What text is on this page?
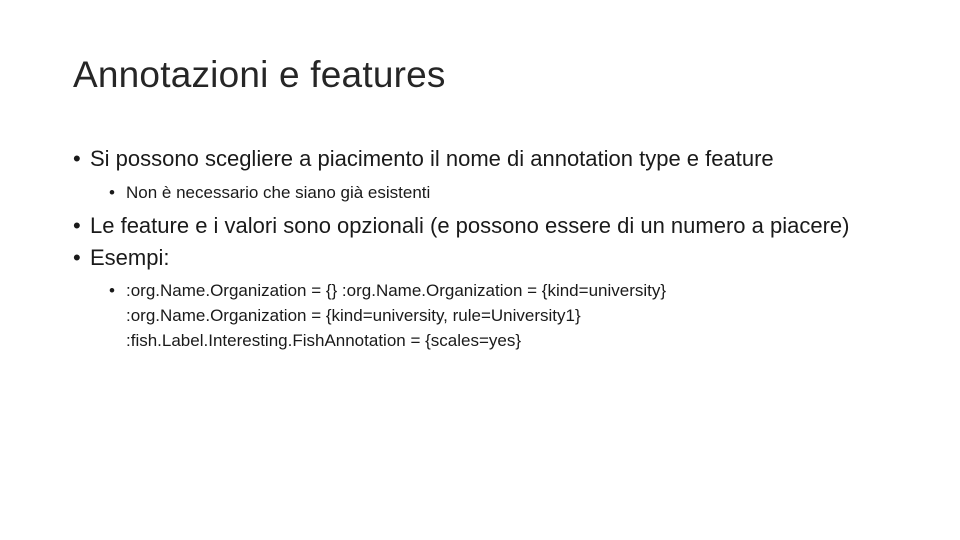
Annotazioni e features
• Si possono scegliere a piacimento il nome di annotation type e feature
• Non è necessario che siano già esistenti
• Le feature e i valori sono opzionali (e possono essere di un numero a piacere)
• Esempi:
• :org.Name.Organization = {} :org.Name.Organization = {kind=university}
:org.Name.Organization = {kind=university, rule=University1}
:fish.Label.Interesting.FishAnnotation = {scales=yes}
